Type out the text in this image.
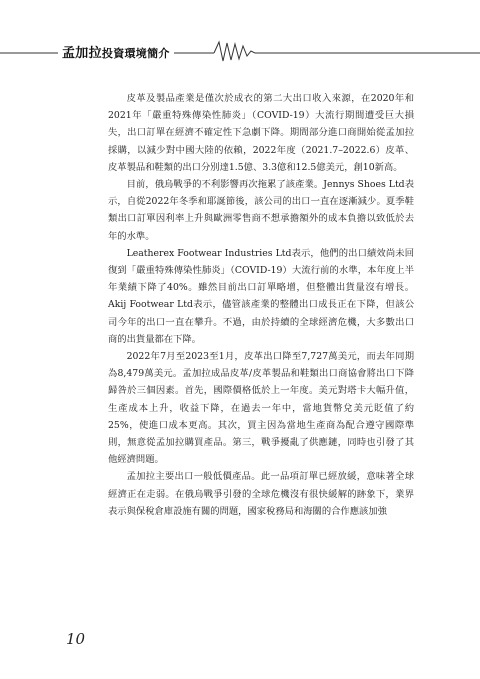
孟加拉投資環境簡介

皮革及製品產業是僅次於成衣的第二大出口收入來源，在2020年和2021年「嚴重特殊傳染性肺炎」（COVID-19）大流行期間遭受巨大損失，出口訂單在經濟不確定性下急劇下降。期間部分進口商開始從孟加拉採購，以減少對中國大陸的依賴，2022年度（2021.7–2022.6）皮革、皮革製品和鞋類的出口分別達1.5億、3.3億和12.5億美元，創10新高。

目前，俄烏戰爭的不利影響再次拖累了該產業。Jennys Shoes Ltd表示，自從2022年冬季和耶誕節後，該公司的出口一直在逐漸減少。夏季鞋類出口訂單因利率上升與歐洲零售商不想承擔額外的成本負擔以致低於去年的水準。

Leatherex Footwear Industries Ltd表示，他們的出口績效尚未回復到「嚴重特殊傳染性肺炎」（COVID-19）大流行前的水準，本年度上半年業績下降了40%。雖然目前出口訂單略增，但整體出貨量沒有增長。Akij Footwear Ltd表示，儘管該產業的整體出口成長正在下降，但該公司今年的出口一直在攀升。不過，由於持續的全球經濟危機，大多數出口商的出貨量都在下降。

2022年7月至2023至1月，皮革出口降至7,727萬美元，而去年同期為8,479萬美元。孟加拉成品皮革/皮革製品和鞋類出口商協會將出口下降歸咎於三個因素。首先，國際價格低於上一年度。美元對塔卡大幅升值，生產成本上升，收益下降，在過去一年中，當地貨幣兌美元貶值了約25%，使進口成本更高。其次，買主因為當地生產商為配合遵守國際準則，無意從孟加拉購買產品。第三，戰爭擾亂了供應鏈，同時也引發了其他經濟問題。

孟加拉主要出口一般低價產品。此一品項訂單已經放緩，意味著全球經濟正在走弱。在俄烏戰爭引發的全球危機沒有很快緩解的跡象下，業界表示與保稅倉庫設施有關的問題，國家稅務局和海關的合作應該加強

10
